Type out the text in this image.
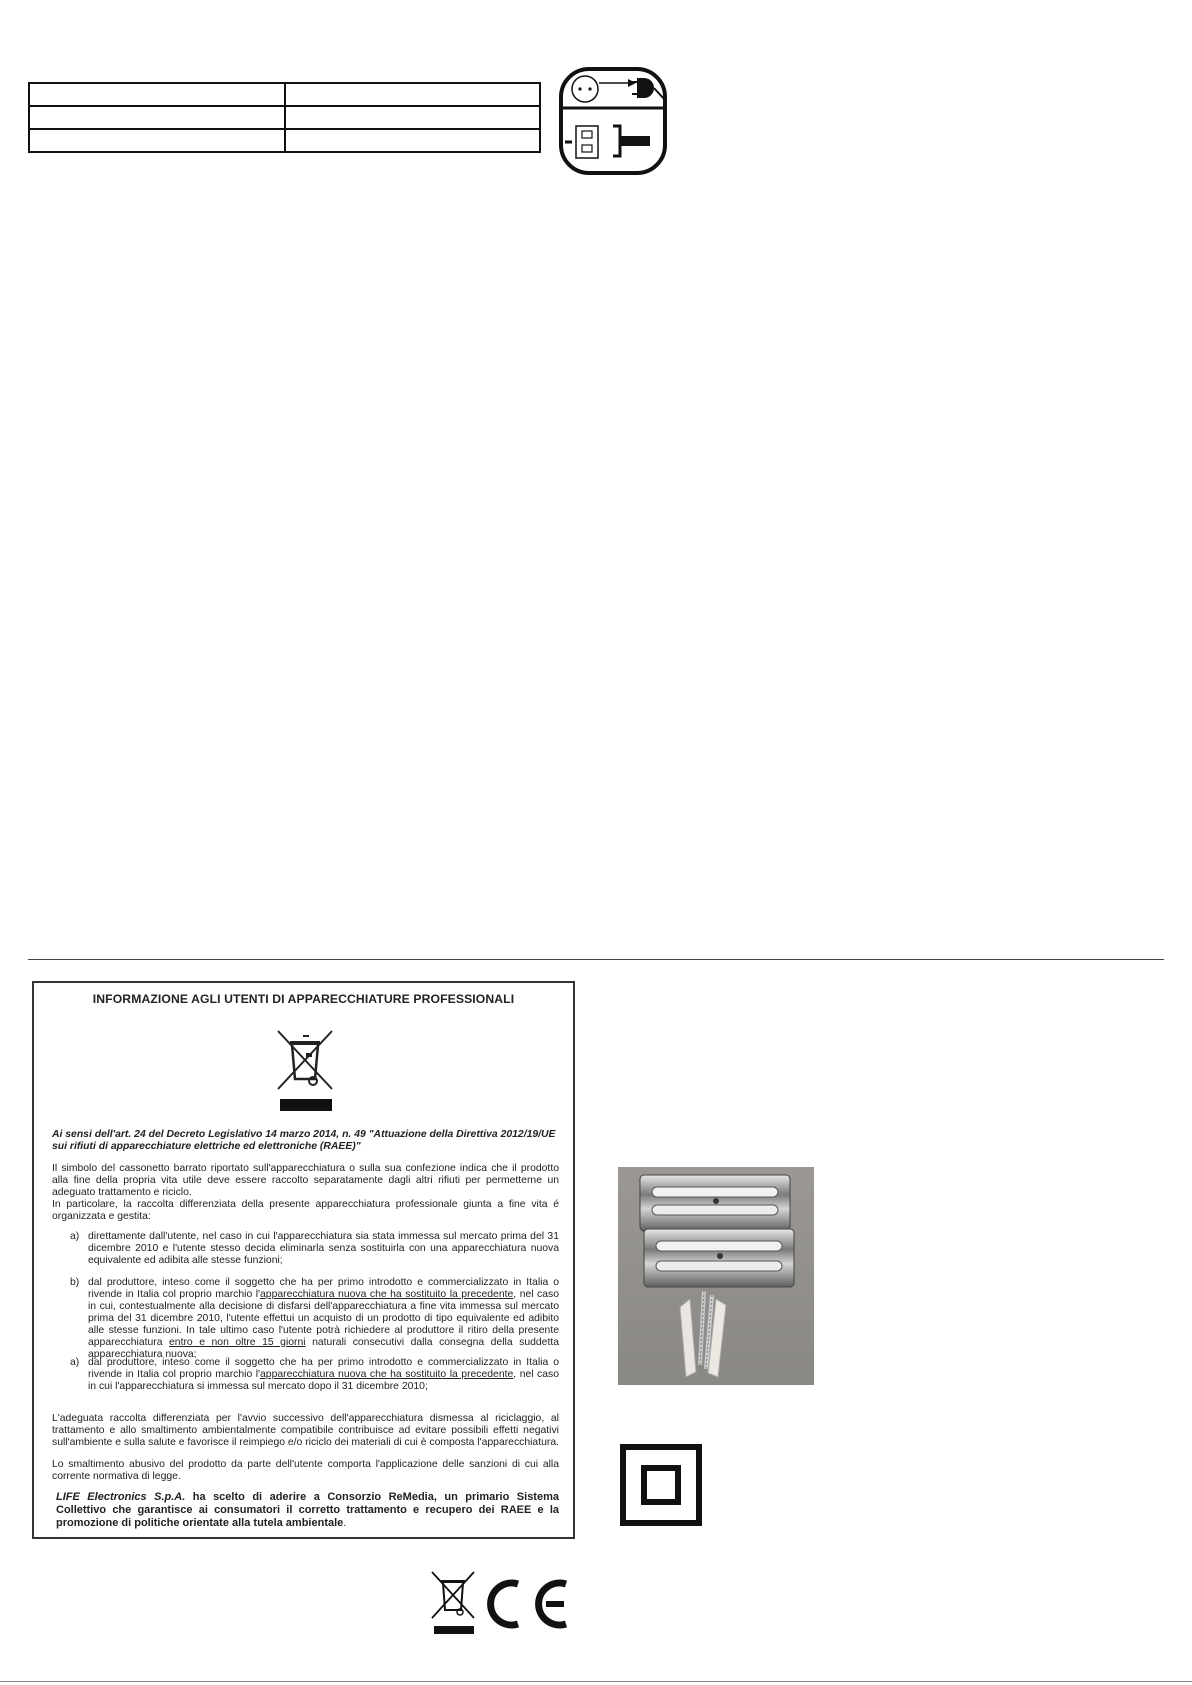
INFORMAZIONE AGLI UTENTI DI APPARECCHIATURE PROFESSIONALI
Ai sensi dell'art. 24 del Decreto Legislativo 14 marzo 2014, n. 49 "Attuazione della Direttiva 2012/19/UE sui rifiuti di apparecchiature elettriche ed elettroniche (RAEE)"

Il simbolo del cassonetto barrato riportato sull'apparecchiatura o sulla sua confezione indica che il prodotto alla fine della propria vita utile deve essere raccolto separatamente dagli altri rifiuti per permetterne un adeguato trattamento e riciclo.

In particolare, la raccolta differenziata della presente apparecchiatura professionale giunta a fine vita é organizzata e gestita:

a) direttamente dall'utente, nel caso in cui l'apparecchiatura sia stata immessa sul mercato prima del 31 dicembre 2010 e l'utente stesso decida eliminarla senza sostituirla con una apparecchiatura nuova equivalente ed adibita alle stesse funzioni;
b) dal produttore, inteso come il soggetto che ha per primo introdotto e commercializzato in Italia o rivende in Italia col proprio marchio l'apparecchiatura nuova che ha sostituito la precedente, nel caso in cui, contestualmente alla decisione di disfarsi dell'apparecchiatura a fine vita immessa sul mercato prima del 31 dicembre 2010, l'utente effettui un acquisto di un prodotto di tipo equivalente ed adibito alle stesse funzioni. In tale ultimo caso l'utente potrà richiedere al produttore il ritiro della presente apparecchiatura entro e non oltre 15 giorni naturali consecutivi dalla consegna della suddetta apparecchiatura nuova;
a) dal produttore, inteso come il soggetto che ha per primo introdotto e commercializzato in Italia o rivende in Italia col proprio marchio l'apparecchiatura nuova che ha sostituito la precedente, nel caso in cui l'apparecchiatura si immessa sul mercato dopo il 31 dicembre 2010;

L'adeguata raccolta differenziata per l'avvio successivo dell'apparecchiatura dismessa al riciclaggio, al trattamento e allo smaltimento ambientalmente compatibile contribuisce ad evitare possibili effetti negativi sull'ambiente e sulla salute e favorisce il reimpiego e/o riciclo dei materiali di cui è composta l'apparecchiatura.

Lo smaltimento abusivo del prodotto da parte dell'utente comporta l'applicazione delle sanzioni di cui alla corrente normativa di legge.

LIFE Electronics S.p.A. ha scelto di aderire a Consorzio ReMedia, un primario Sistema Collettivo che garantisce ai consumatori il corretto trattamento e recupero dei RAEE e la promozione di politiche orientate alla tutela ambientale.
